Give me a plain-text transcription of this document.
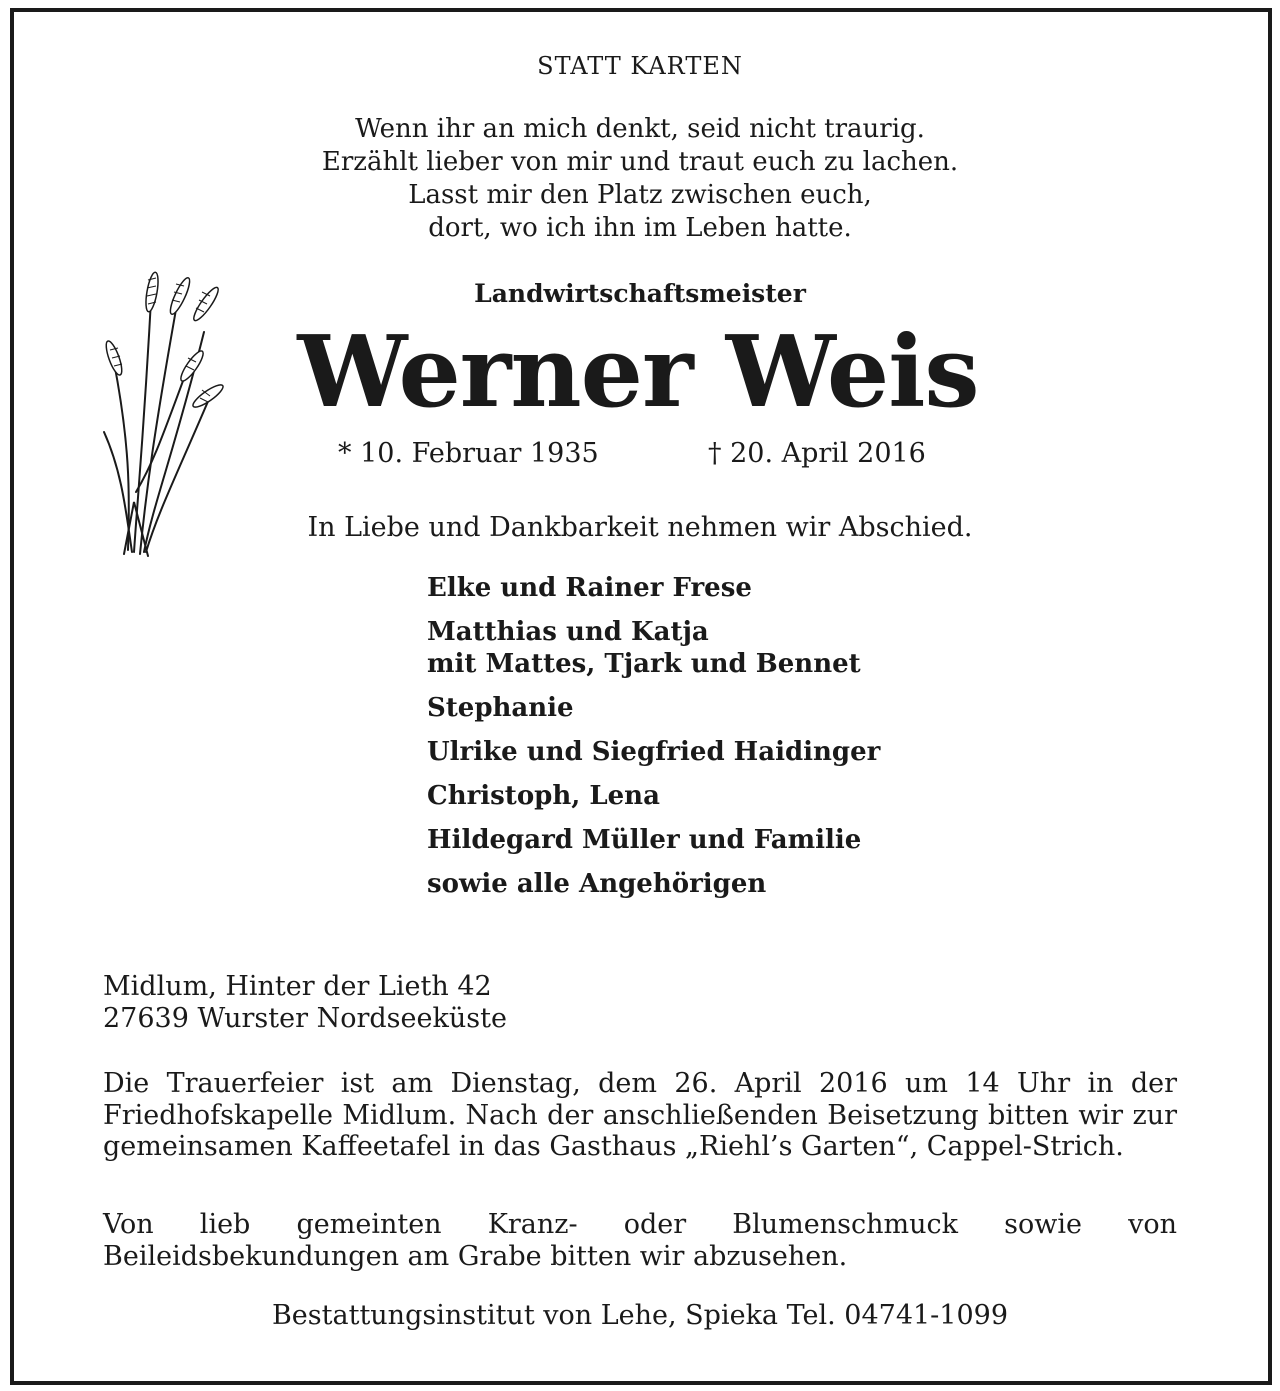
STATT KARTEN
Wenn ihr an mich denkt, seid nicht traurig.
Erzählt lieber von mir und traut euch zu lachen.
Lasst mir den Platz zwischen euch,
dort, wo ich ihn im Leben hatte.
Landwirtschaftsmeister
Werner Weis
* 10. Februar 1935	† 20. April 2016
In Liebe und Dankbarkeit nehmen wir Abschied.
Elke und Rainer Frese
Matthias und Katja
mit Mattes, Tjark und Bennet
Stephanie
Ulrike und Siegfried Haidinger
Christoph, Lena
Hildegard Müller und Familie
sowie alle Angehörigen
Midlum, Hinter der Lieth 42
27639 Wurster Nordseeküste
Die Trauerfeier ist am Dienstag, dem 26. April 2016 um 14 Uhr in der Friedhofskapelle Midlum. Nach der anschließenden Beisetzung bitten wir zur gemeinsamen Kaffeetafel in das Gasthaus „Riehl’s Garten“, Cappel-Strich.
Von lieb gemeinten Kranz- oder Blumenschmuck sowie von Beileidsbekundungen am Grabe bitten wir abzusehen.
Bestattungsinstitut von Lehe, Spieka Tel. 04741-1099
